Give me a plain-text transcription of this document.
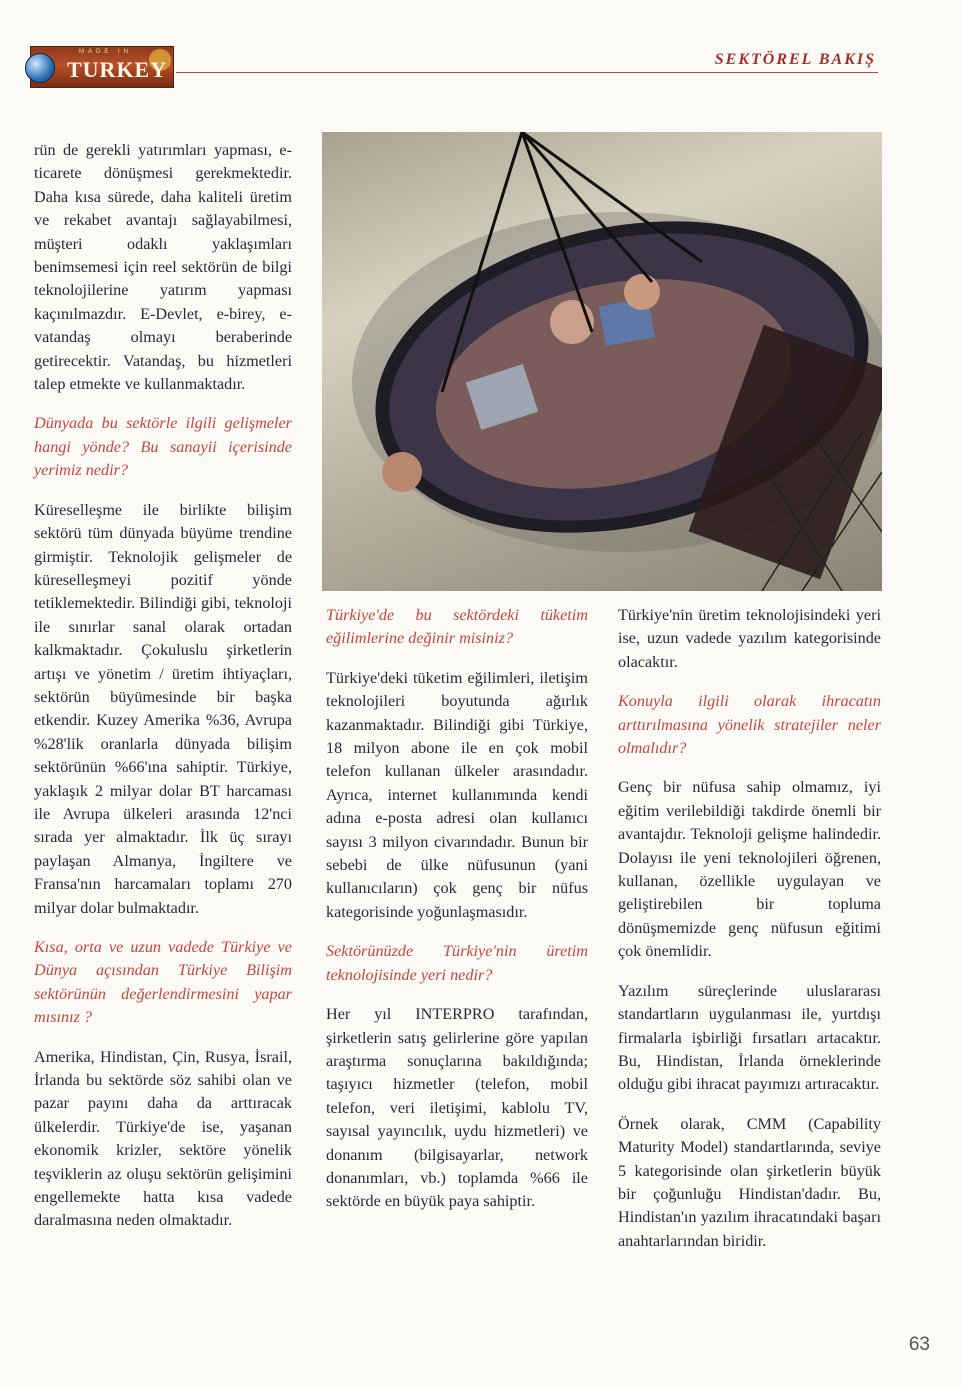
MADE IN
TURKEY	SEKTÖREL BAKIŞ

rün de gerekli yatırımları yapması, e-ticarete dönüşmesi gerekmektedir. Daha kısa sürede, daha kaliteli üretim ve rekabet avantajı sağlayabilmesi, müşteri odaklı yaklaşımları benimsemesi için reel sektörün de bilgi teknolojilerine yatırım yapması kaçınılmazdır. E-Devlet, e-birey, e-vatandaş olmayı beraberinde getirecektir. Vatandaş, bu hizmetleri talep etmekte ve kullanmaktadır.

Dünyada bu sektörle ilgili gelişmeler hangi yönde? Bu sanayii içerisinde yerimiz nedir?

Küreselleşme ile birlikte bilişim sektörü tüm dünyada büyüme trendine girmiştir. Teknolojik gelişmeler de küreselleşmeyi pozitif yönde tetiklemektedir. Bilindiği gibi, teknoloji ile sınırlar sanal olarak ortadan kalkmaktadır. Çokuluslu şirketlerin artışı ve yönetim / üretim ihtiyaçları, sektörün büyümesinde bir başka etkendir. Kuzey Amerika %36, Avrupa %28'lik oranlarla dünyada bilişim sektörünün %66'ına sahiptir. Türkiye, yaklaşık 2 milyar dolar BT harcaması ile Avrupa ülkeleri arasında 12'nci sırada yer almaktadır. İlk üç sırayı paylaşan Almanya, İngiltere ve Fransa'nın harcamaları toplamı 270 milyar dolar bulmaktadır.

Kısa, orta ve uzun vadede Türkiye ve Dünya açısından Türkiye Bilişim sektörünün değerlendirmesini yapar mısınız ?

Amerika, Hindistan, Çin, Rusya, İsrail, İrlanda bu sektörde söz sahibi olan ve pazar payını daha da arttıracak ülkelerdir. Türkiye'de ise, yaşanan ekonomik krizler, sektöre yönelik teşviklerin az oluşu sektörün gelişimini engellemekte hatta kısa vadede daralmasına neden olmaktadır.

Türkiye'de bu sektördeki tüketim eğilimlerine değinir misiniz?

Türkiye'deki tüketim eğilimleri, iletişim teknolojileri boyutunda ağırlık kazanmaktadır. Bilindiği gibi Türkiye, 18 milyon abone ile en çok mobil telefon kullanan ülkeler arasındadır. Ayrıca, internet kullanımında kendi adına e-posta adresi olan kullanıcı sayısı 3 milyon civarındadır. Bunun bir sebebi de ülke nüfusunun (yani kullanıcıların) çok genç bir nüfus kategorisinde yoğunlaşmasıdır.

Sektörünüzde Türkiye'nin üretim teknolojisinde yeri nedir?

Her yıl INTERPRO tarafından, şirketlerin satış gelirlerine göre yapılan araştırma sonuçlarına bakıldığında; taşıyıcı hizmetler (telefon, mobil telefon, veri iletişimi, kablolu TV, sayısal yayıncılık, uydu hizmetleri) ve donanım (bilgisayarlar, network donanımları, vb.) toplamda %66 ile sektörde en büyük paya sahiptir.

Türkiye'nin üretim teknolojisindeki yeri ise, uzun vadede yazılım kategorisinde olacaktır.

Konuyla ilgili olarak ihracatın arttırılmasına yönelik stratejiler neler olmalıdır?

Genç bir nüfusa sahip olmamız, iyi eğitim verilebildiği takdirde önemli bir avantajdır. Teknoloji gelişme halindedir. Dolayısı ile yeni teknolojileri öğrenen, kullanan, özellikle uygulayan ve geliştirebilen bir topluma dönüşmemizde genç nüfusun eğitimi çok önemlidir.

Yazılım süreçlerinde uluslararası standartların uygulanması ile, yurtdışı firmalarla işbirliği fırsatları artacaktır. Bu, Hindistan, İrlanda örneklerinde olduğu gibi ihracat payımızı artıracaktır.

Örnek olarak, CMM (Capability Maturity Model) standartlarında, seviye 5 kategorisinde olan şirketlerin büyük bir çoğunluğu Hindistan'dadır. Bu, Hindistan'ın yazılım ihracatındaki başarı anahtarlarından biridir.

63
